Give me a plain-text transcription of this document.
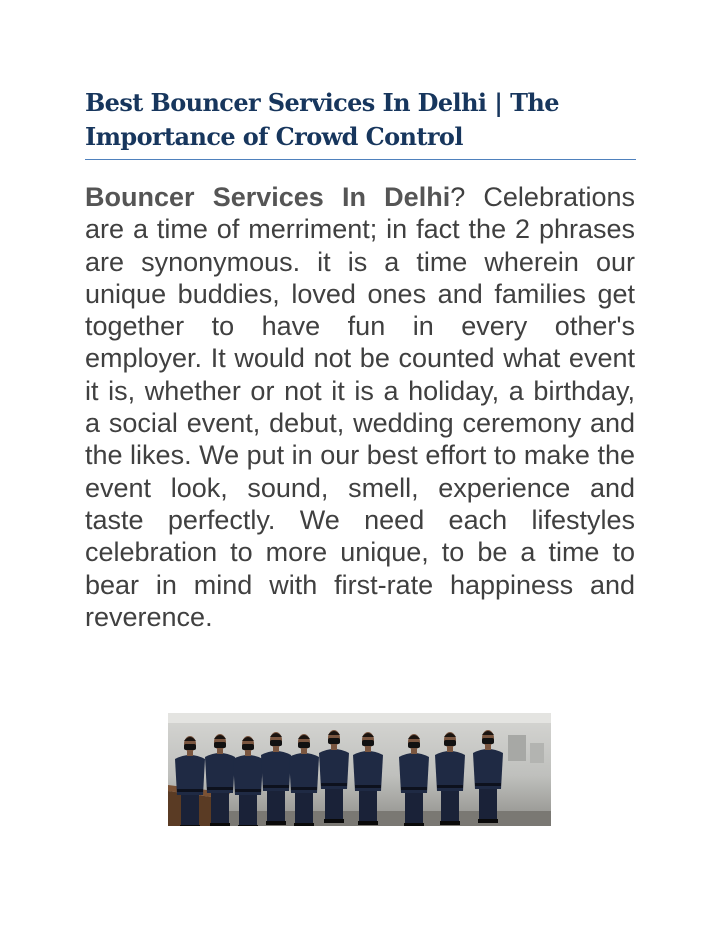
Best Bouncer Services In Delhi | The Importance of Crowd Control

Bouncer Services In Delhi? Celebrations are a time of merriment; in fact the 2 phrases are synonymous. it is a time wherein our unique buddies, loved ones and families get together to have fun in every other's employer. It would not be counted what event it is, whether or not it is a holiday, a birthday, a social event, debut, wedding ceremony and the likes. We put in our best effort to make the event look, sound, smell, experience and taste perfectly. We need each lifestyles celebration to more unique, to be a time to bear in mind with first-rate happiness and reverence.
